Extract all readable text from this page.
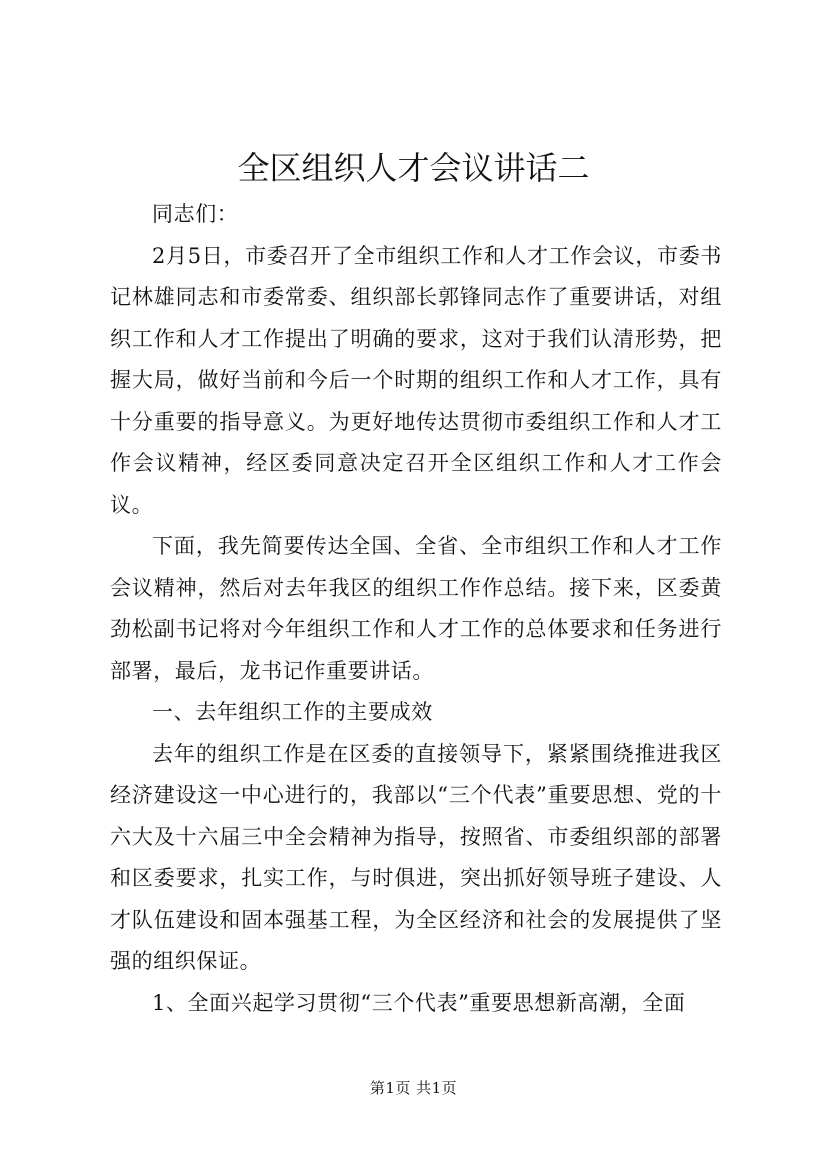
全区组织人才会议讲话二

同志们：

2月5日，市委召开了全市组织工作和人才工作会议，市委书记林雄同志和市委常委、组织部长郭锋同志作了重要讲话，对组织工作和人才工作提出了明确的要求，这对于我们认清形势，把握大局，做好当前和今后一个时期的组织工作和人才工作，具有十分重要的指导意义。为更好地传达贯彻市委组织工作和人才工作会议精神，经区委同意决定召开全区组织工作和人才工作会议。

下面，我先简要传达全国、全省、全市组织工作和人才工作会议精神，然后对去年我区的组织工作作总结。接下来，区委黄劲松副书记将对今年组织工作和人才工作的总体要求和任务进行部署，最后，龙书记作重要讲话。

一、去年组织工作的主要成效

去年的组织工作是在区委的直接领导下，紧紧围绕推进我区经济建设这一中心进行的，我部以“三个代表”重要思想、党的十六大及十六届三中全会精神为指导，按照省、市委组织部的部署和区委要求，扎实工作，与时俱进，突出抓好领导班子建设、人才队伍建设和固本强基工程，为全区经济和社会的发展提供了坚强的组织保证。

1、全面兴起学习贯彻“三个代表”重要思想新高潮，全面

第1页 共1页
